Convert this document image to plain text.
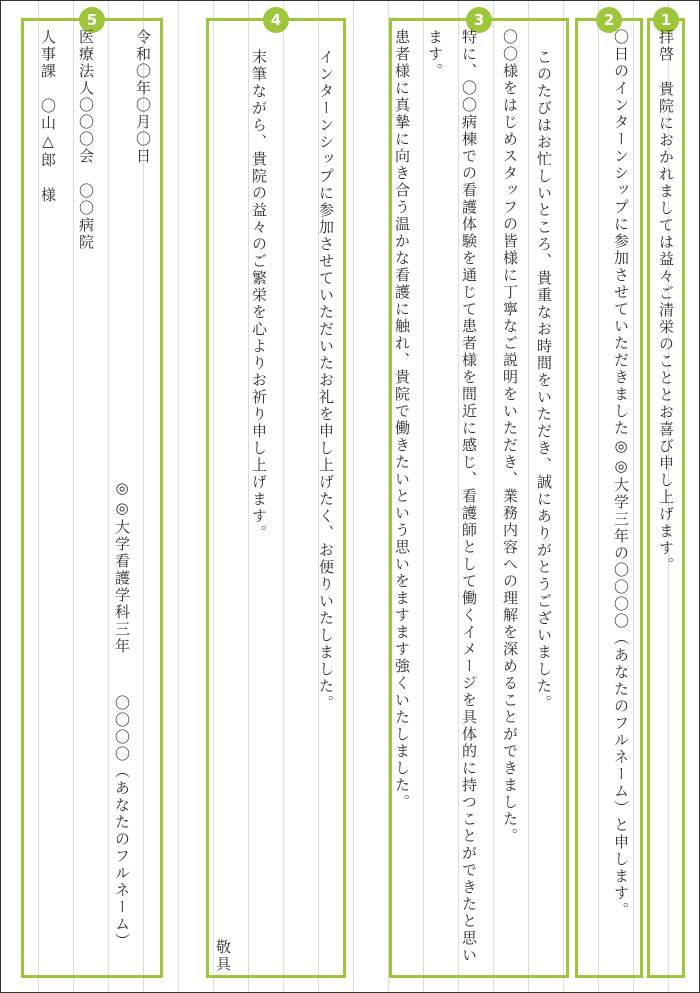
1
拝啓貴院におかれましては益々ご清栄のこととお喜び申し上げます。
2
〇日のインターンシップに参加させていただきました◎◎大学三年の〇〇〇〇（あなたのフルネーム）と申します。
3
このたびはお忙しいところ、貴重なお時間をいただき、誠にありがとうございました。
〇〇様をはじめスタッフの皆様に丁寧なご説明をいただき、業務内容への理解を深めることができました。
特に、〇〇病棟での看護体験を通じて患者様を間近に感じ、看護師として働くイメージを具体的に持つことができたと思います。
患者様に真摯に向き合う温かな看護に触れ、貴院で働きたいという思いをますます強くいたしました。
4
インターンシップに参加させていただいたお礼を申し上げたく、お便りいたしました。
末筆ながら、貴院の益々のご繁栄を心よりお祈り申し上げます。
敬具
5
令和〇年〇月〇日
医療法人〇〇〇会〇〇病院
人事課〇山△郎様
◎◎大学看護学科三年〇〇〇〇（あなたのフルネーム）
